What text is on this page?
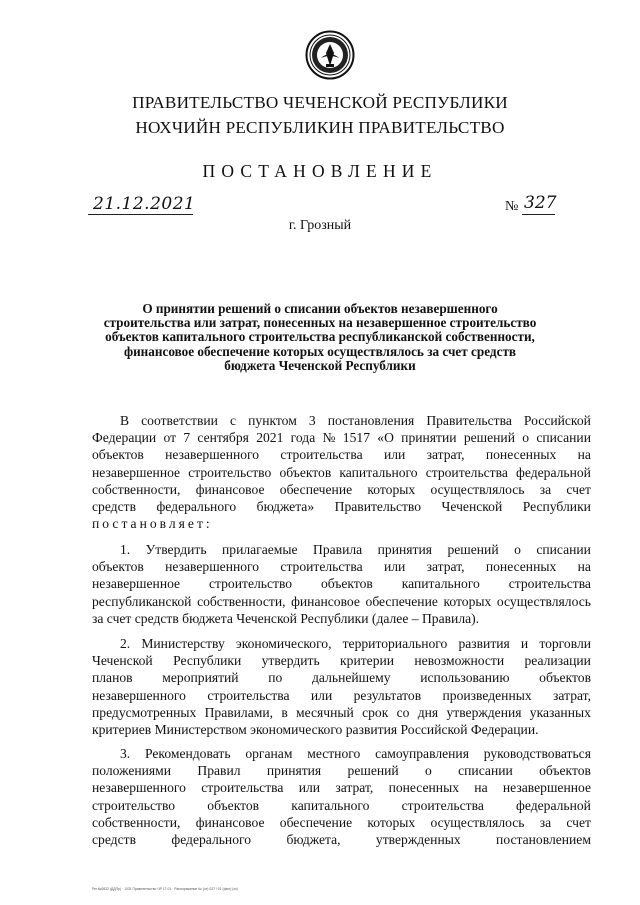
ПРАВИТЕЛЬСТВО ЧЕЧЕНСКОЙ РЕСПУБЛИКИ
НОХЧИЙН РЕСПУБЛИКИН ПРАВИТЕЛЬСТВО
ПОСТАНОВЛЕНИЕ
21.12.2021	№ 327
г. Грозный
О принятии решений о списании объектов незавершенного
строительства или затрат, понесенных на незавершенное строительство
объектов капитального строительства республиканской собственности,
финансовое обеспечение которых осуществлялось за счет средств
бюджета Чеченской Республики
В соответствии с пунктом 3 постановления Правительства Российской
Федерации от 7 сентября 2021 года № 1517 «О принятии решений о списании
объектов незавершенного строительства или затрат, понесенных на
незавершенное строительство объектов капитального строительства федеральной
собственности, финансовое обеспечение которых осуществлялось за счет
средств федерального бюджета» Правительство Чеченской Республики
постановляет:
1. Утвердить прилагаемые Правила принятия решений о списании
объектов незавершенного строительства или затрат, понесенных на
незавершенное строительство объектов капитального строительства
республиканской собственности, финансовое обеспечение которых осуществлялось
за счет средств бюджета Чеченской Республики (далее – Правила).
2. Министерству экономического, территориального развития и торговли
Чеченской Республики утвердить критерии невозможности реализации
планов мероприятий по дальнейшему использованию объектов
незавершенного строительства или результатов произведенных затрат,
предусмотренных Правилами, в месячный срок со дня утверждения указанных
критериев Министерством экономического развития Российской Федерации.
3. Рекомендовать органам местного самоуправления руководствоваться
положениями Правил принятия решений о списании объектов
незавершенного строительства или затрат, понесенных на незавершенное
строительство объектов капитального строительства федеральной
собственности, финансовое обеспечение которых осуществлялось за счет
средств	федерального	бюджета,	утвержденных	постановлением
Рег.№0832 (ДДПр) · 1031 Правительство ЧР 17.01 · Распоряжение № (от) 027 / 01 (фин) (хх)
